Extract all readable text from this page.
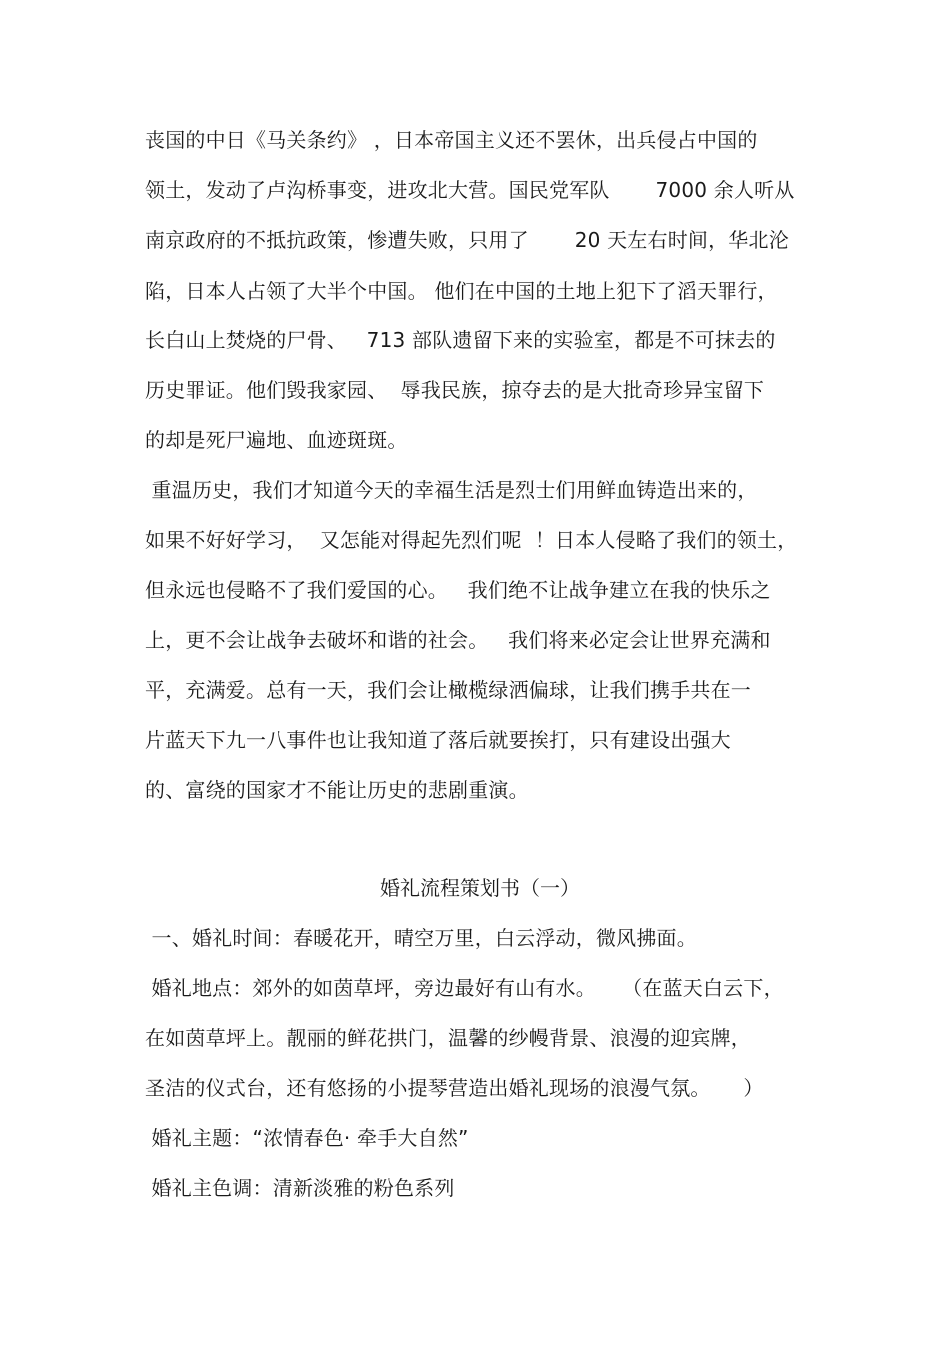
丧国的中日《马关条约》 ，日本帝国主义还不罢休，出兵侵占中国的
领土，发动了卢沟桥事变，进攻北大营。国民党军队       7000 余人听从
南京政府的不抵抗政策，惨遭失败，只用了       20 天左右时间，华北沦
陷，日本人占领了大半个中国。 他们在中国的土地上犯下了滔天罪行，
长白山上焚烧的尸骨、   713 部队遗留下来的实验室，都是不可抹去的
历史罪证。他们毁我家园、  辱我民族，掠夺去的是大批奇珍异宝留下
的却是死尸遍地、血迹斑斑。
重温历史，我们才知道今天的幸福生活是烈士们用鲜血铸造出来的，
如果不好好学习，  又怎能对得起先烈们呢  ！日本人侵略了我们的领土，
但永远也侵略不了我们爱国的心。   我们绝不让战争建立在我的快乐之
上，更不会让战争去破坏和谐的社会。   我们将来必定会让世界充满和
平，充满爱。总有一天，我们会让橄榄绿洒偏球，让我们携手共在一
片蓝天下九一八事件也让我知道了落后就要挨打，只有建设出强大
的、富绕的国家才不能让历史的悲剧重演。
婚礼流程策划书（一）
一、婚礼时间：春暖花开，晴空万里，白云浮动，微风拂面。
婚礼地点：郊外的如茵草坪，旁边最好有山有水。    （在蓝天白云下，
在如茵草坪上。靓丽的鲜花拱门，温馨的纱幔背景、浪漫的迎宾牌，
圣洁的仪式台，还有悠扬的小提琴营造出婚礼现场的浪漫气氛。     ）
婚礼主题：“浓情春色· 牵手大自然”
婚礼主色调：清新淡雅的粉色系列
